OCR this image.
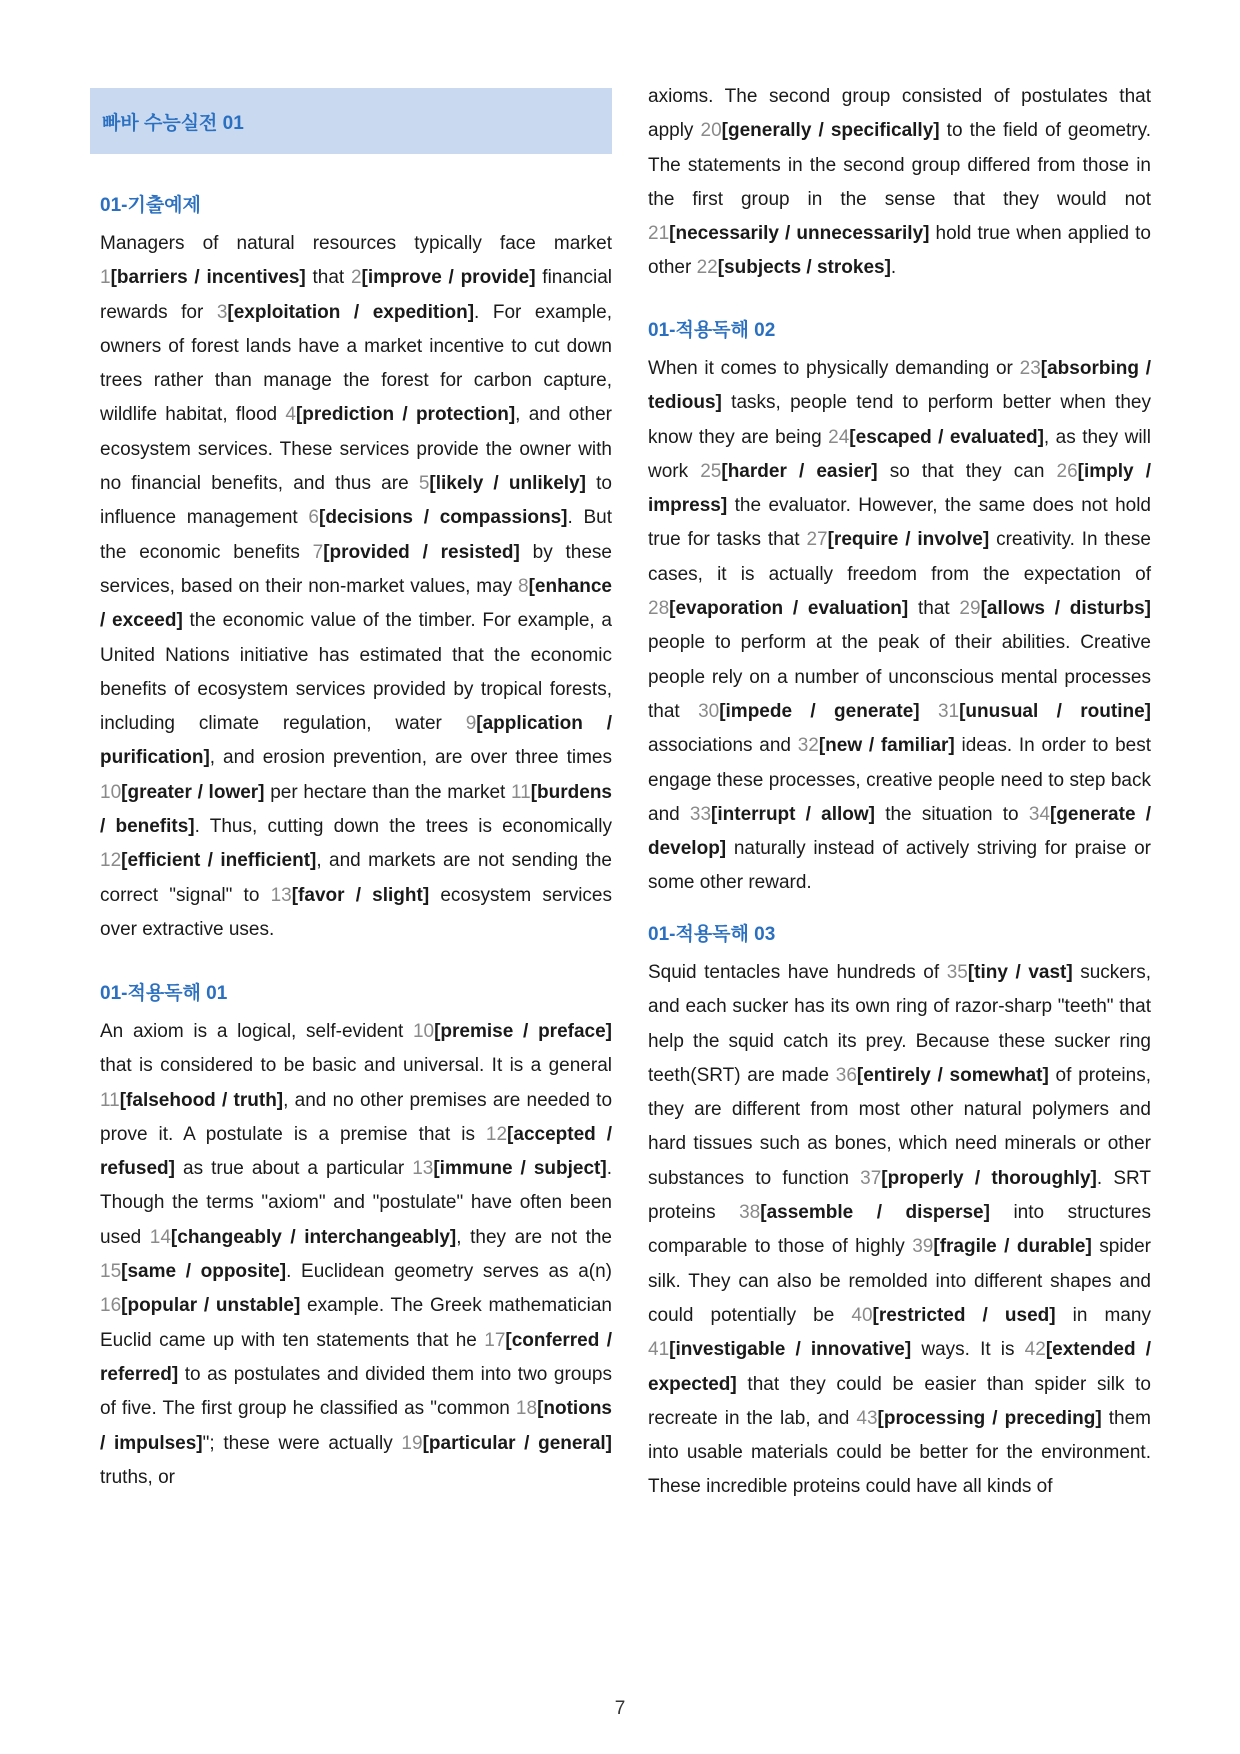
빠바 수능실전 01
01-기출예제
Managers of natural resources typically face market 1[barriers / incentives] that 2[improve / provide] financial rewards for 3[exploitation / expedition]. For example, owners of forest lands have a market incentive to cut down trees rather than manage the forest for carbon capture, wildlife habitat, flood 4[prediction / protection], and other ecosystem services. These services provide the owner with no financial benefits, and thus are 5[likely / unlikely] to influence management 6[decisions / compassions]. But the economic benefits 7[provided / resisted] by these services, based on their non-market values, may 8[enhance / exceed] the economic value of the timber. For example, a United Nations initiative has estimated that the economic benefits of ecosystem services provided by tropical forests, including climate regulation, water 9[application / purification], and erosion prevention, are over three times 10[greater / lower] per hectare than the market 11[burdens / benefits]. Thus, cutting down the trees is economically 12[efficient / inefficient], and markets are not sending the correct "signal" to 13[favor / slight] ecosystem services over extractive uses.
01-적용독해 01
An axiom is a logical, self-evident 10[premise / preface] that is considered to be basic and universal. It is a general 11[falsehood / truth], and no other premises are needed to prove it. A postulate is a premise that is 12[accepted / refused] as true about a particular 13[immune / subject]. Though the terms "axiom" and "postulate" have often been used 14[changeably / interchangeably], they are not the 15[same / opposite]. Euclidean geometry serves as a(n) 16[popular / unstable] example. The Greek mathematician Euclid came up with ten statements that he 17[conferred / referred] to as postulates and divided them into two groups of five. The first group he classified as "common 18[notions / impulses]"; these were actually 19[particular / general] truths, or
axioms. The second group consisted of postulates that apply 20[generally / specifically] to the field of geometry. The statements in the second group differed from those in the first group in the sense that they would not 21[necessarily / unnecessarily] hold true when applied to other 22[subjects / strokes].
01-적용독해 02
When it comes to physically demanding or 23[absorbing / tedious] tasks, people tend to perform better when they know they are being 24[escaped / evaluated], as they will work 25[harder / easier] so that they can 26[imply / impress] the evaluator. However, the same does not hold true for tasks that 27[require / involve] creativity. In these cases, it is actually freedom from the expectation of 28[evaporation / evaluation] that 29[allows / disturbs] people to perform at the peak of their abilities. Creative people rely on a number of unconscious mental processes that 30[impede / generate] 31[unusual / routine] associations and 32[new / familiar] ideas. In order to best engage these processes, creative people need to step back and 33[interrupt / allow] the situation to 34[generate / develop] naturally instead of actively striving for praise or some other reward.
01-적용독해 03
Squid tentacles have hundreds of 35[tiny / vast] suckers, and each sucker has its own ring of razor-sharp "teeth" that help the squid catch its prey. Because these sucker ring teeth(SRT) are made 36[entirely / somewhat] of proteins, they are different from most other natural polymers and hard tissues such as bones, which need minerals or other substances to function 37[properly / thoroughly]. SRT proteins 38[assemble / disperse] into structures comparable to those of highly 39[fragile / durable] spider silk. They can also be remolded into different shapes and could potentially be 40[restricted / used] in many 41[investigable / innovative] ways. It is 42[extended / expected] that they could be easier than spider silk to recreate in the lab, and 43[processing / preceding] them into usable materials could be better for the environment. These incredible proteins could have all kinds of
7
